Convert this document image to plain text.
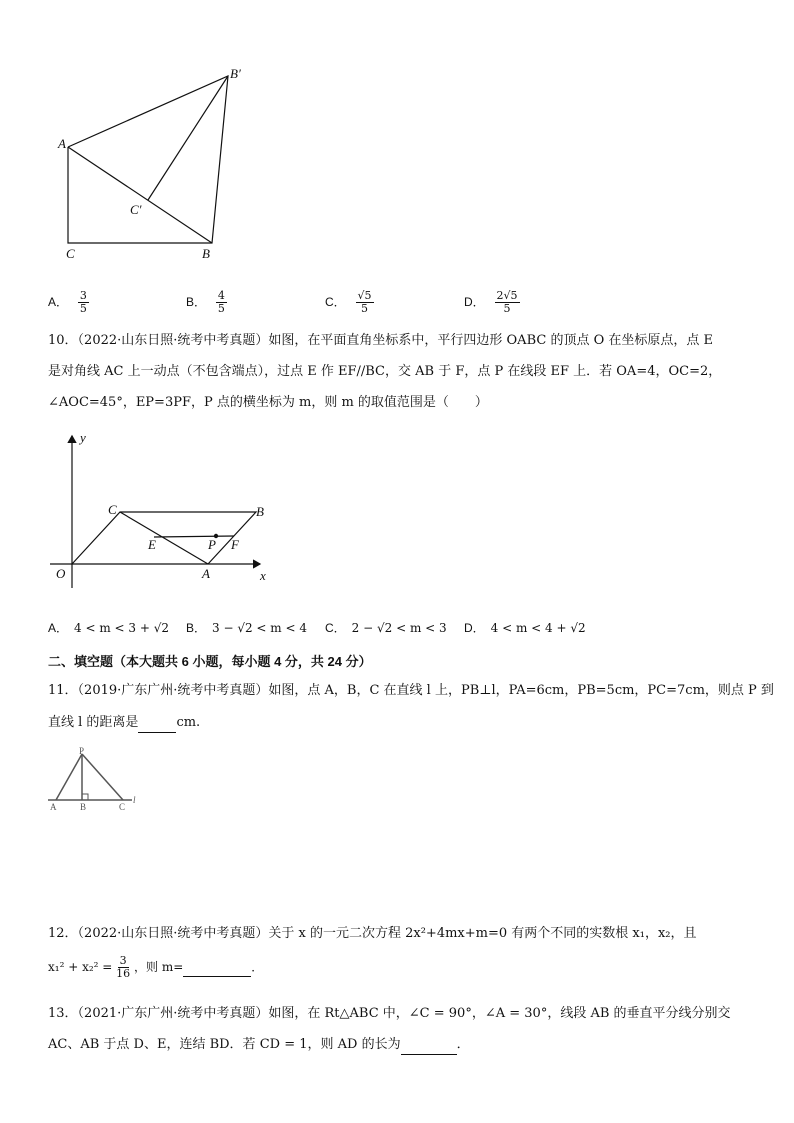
A
C	B
B′
C′
A． $\frac{3}{5}$	B． $\frac{4}{5}$	C． $\frac{√5}{5}$	D． $\frac{2√5}{5}$
10．（2022·山东日照·统考中考真题）如图，在平面直角坐标系中，平行四边形 OABC 的顶点 O 在坐标原点，点 E
是对角线 AC 上一动点（不包含端点），过点 E 作 EF//BC，交 AB 于 F，点 P 在线段 EF 上．若 OA=4，OC=2，
∠AOC=45°，EP=3PF，P 点的横坐标为 m，则 m 的取值范围是（　　）
y
x
O	A
B
C
E	F
P
A． 4 < m < 3 + √2 B． 3 − √2 < m < 4 C． 2 − √2 < m < 3 D． 4 < m < 4 + √2
二、填空题（本大题共 6 小题，每小题 4 分，共 24 分）
11．（2019·广东广州·统考中考真题）如图，点 A，B，C 在直线 l 上，PB⊥l，PA=6cm，PB=5cm，PC=7cm，则点 P 到
直线 l 的距离是	cm.
P
A	B	C
l
12．（2022·山东日照·统考中考真题）关于 x 的一元二次方程 2x²+4mx+m=0 有两个不同的实数根 x₁，x₂，且
$x_1^2 + x_2^2 = \frac{3}{16}$ ，则 m=	．
13．（2021·广东广州·统考中考真题）如图，在 Rt△ABC 中，∠C = 90°，∠A = 30°，线段 AB 的垂直平分线分别交
AC、AB 于点 D、E，连结 BD．若 CD = 1，则 AD 的长为	．
